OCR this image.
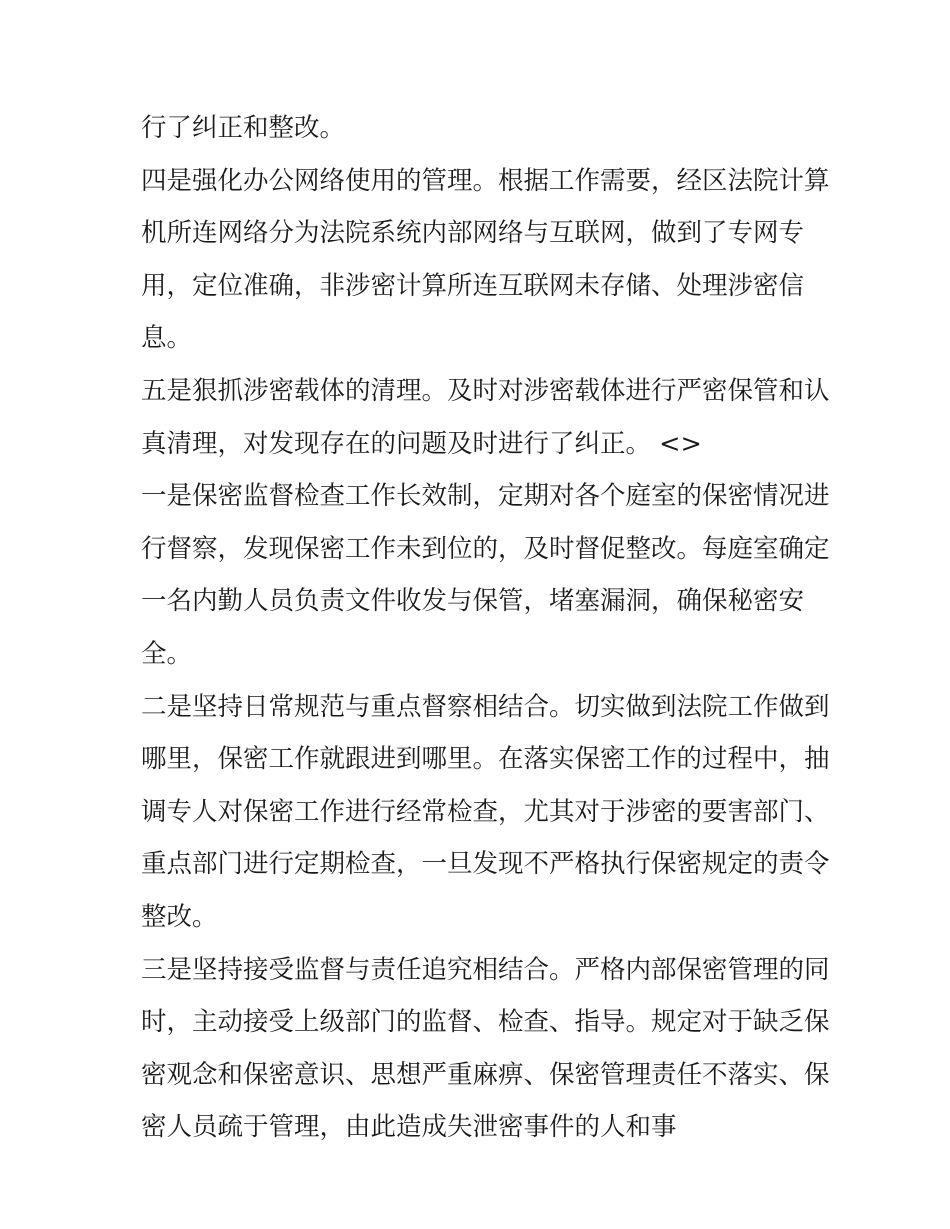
行了纠正和整改。
四是强化办公网络使用的管理。根据工作需要，经区法院计算
机所连网络分为法院系统内部网络与互联网，做到了专网专
用，定位准确，非涉密计算所连互联网未存储、处理涉密信
息。
五是狠抓涉密载体的清理。及时对涉密载体进行严密保管和认
真清理，对发现存在的问题及时进行了纠正。 <>
一是保密监督检查工作长效制，定期对各个庭室的保密情况进
行督察，发现保密工作未到位的，及时督促整改。每庭室确定
一名内勤人员负责文件收发与保管，堵塞漏洞，确保秘密安
全。
二是坚持日常规范与重点督察相结合。切实做到法院工作做到
哪里，保密工作就跟进到哪里。在落实保密工作的过程中，抽
调专人对保密工作进行经常检查，尤其对于涉密的要害部门、
重点部门进行定期检查，一旦发现不严格执行保密规定的责令
整改。
三是坚持接受监督与责任追究相结合。严格内部保密管理的同
时，主动接受上级部门的监督、检查、指导。规定对于缺乏保
密观念和保密意识、思想严重麻痹、保密管理责任不落实、保
密人员疏于管理，由此造成失泄密事件的人和事
